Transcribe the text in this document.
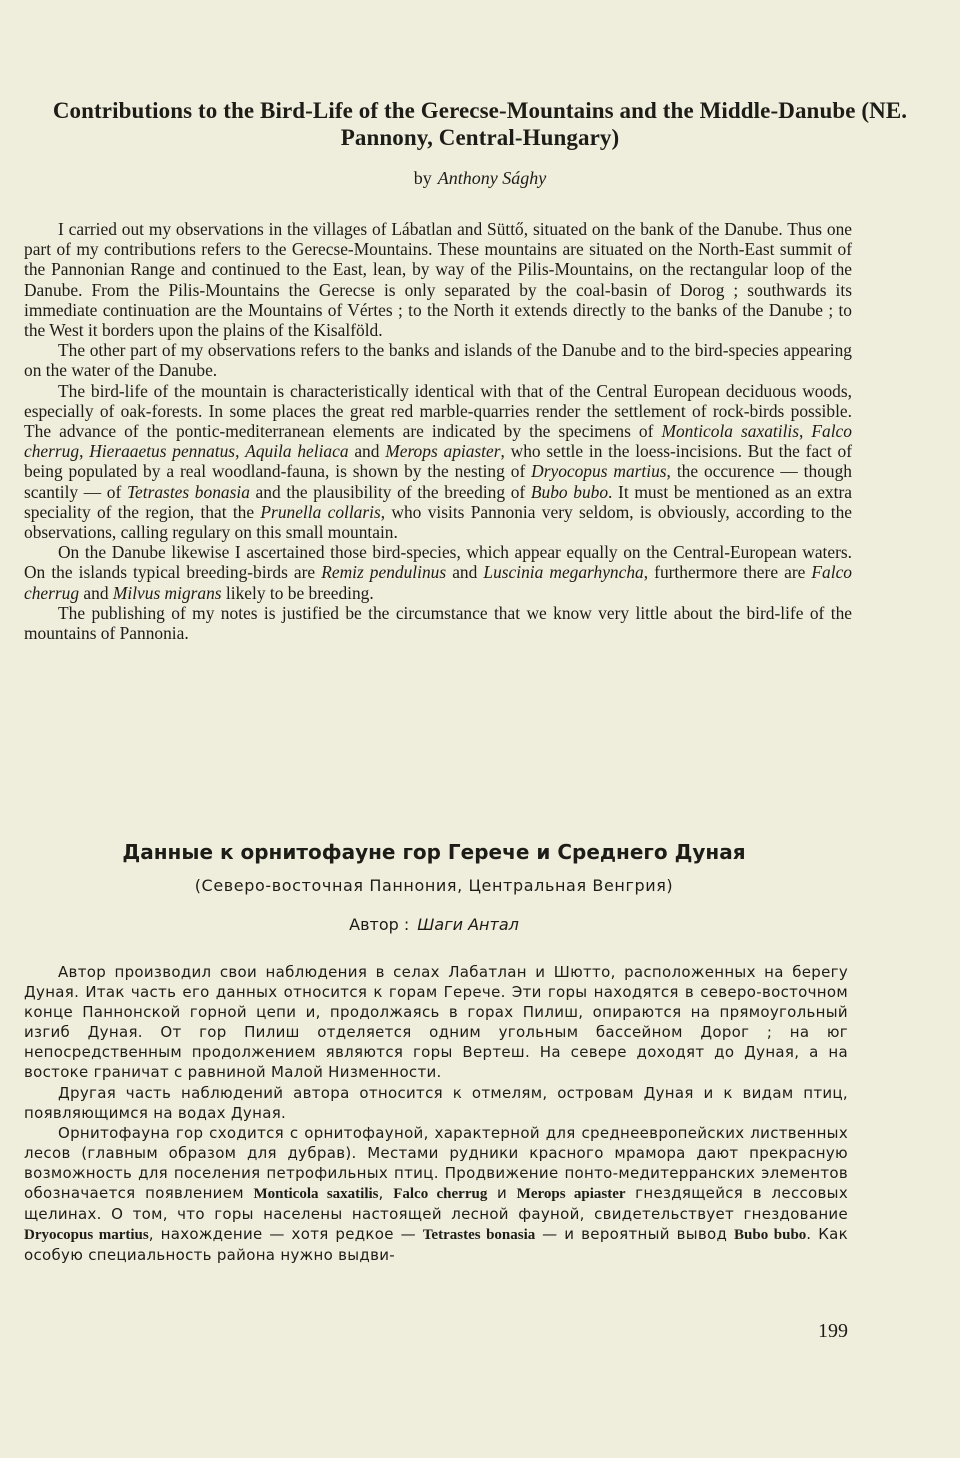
Contributions to the Bird-Life of the Gerecse-Mountains and the Middle-Danube (NE. Pannony, Central-Hungary)
by Anthony Sághy

I carried out my observations in the villages of Lábatlan and Süttő, situated on the bank of the Danube. Thus one part of my contributions refers to the Gerecse-Mountains. These mountains are situated on the North-East summit of the Pannonian Range and continued to the East, lean, by way of the Pilis-Mountains, on the rectangular loop of the Danube. From the Pilis-Mountains the Gerecse is only separated by the coal-basin of Dorog ; southwards its immediate continuation are the Mountains of Vértes ; to the North it extends directly to the banks of the Danube ; to the West it borders upon the plains of the Kisalföld.

The other part of my observations refers to the banks and islands of the Danube and to the bird-species appearing on the water of the Danube.

The bird-life of the mountain is characteristically identical with that of the Central European deciduous woods, especially of oak-forests. In some places the great red marble-quarries render the settlement of rock-birds possible. The advance of the pontic-mediterranean elements are indicated by the specimens of Monticola saxatilis, Falco cherrug, Hieraaetus pennatus, Aquila heliaca and Merops apiaster, who settle in the loess-incisions. But the fact of being populated by a real woodland-fauna, is shown by the nesting of Dryocopus martius, the occurence — though scantily — of Tetrastes bonasia and the plausibility of the breeding of Bubo bubo. It must be mentioned as an extra speciality of the region, that the Prunella collaris, who visits Pannonia very seldom, is obviously, according to the observations, calling regulary on this small mountain.

On the Danube likewise I ascertained those bird-species, which appear equally on the Central-European waters. On the islands typical breeding-birds are Remiz pendulinus and Luscinia megarhyncha, furthermore there are Falco cherrug and Milvus migrans likely to be breeding.

The publishing of my notes is justified be the circumstance that we know very little about the bird-life of the mountains of Pannonia.

Данные к орнитофауне гор Герече и Среднего Дуная
(Северо-восточная Паннония, Центральная Венгрия)
Автор : Шаги Антал

Автор производил свои наблюдения в селах Лабатлан и Шютто, расположенных на берегу Дуная. Итак часть его данных относится к горам Герече. Эти горы находятся в северо-восточном конце Паннонской горной цепи и, продолжаясь в горах Пилиш, опираются на прямоугольный изгиб Дуная. От гор Пилиш отделяется одним угольным бассейном Дорог ; на юг непосредственным продолжением являются горы Вертеш. На севере доходят до Дуная, а на востоке граничат с равниной Малой Низменности.

Другая часть наблюдений автора относится к отмелям, островам Дуная и к видам птиц, появляющимся на водах Дуная.

Орнитофауна гор сходится с орнитофауной, характерной для среднеевропейских лиственных лесов (главным образом для дубрав). Местами рудники красного мрамора дают прекрасную возможность для поселения петрофильных птиц. Продвижение понто-медитерранских элементов обозначается появлением Monticola saxatilis, Falco cherrug и Merops apiaster гнездящейся в лессовых щелинах. О том, что горы населены настоящей лесной фауной, свидетельствует гнездование Dryocopus martius, нахождение — хотя редкое — Tetrastes bonasia — и вероятный вывод Bubo bubo. Как особую специальность района нужно выдви-

199
